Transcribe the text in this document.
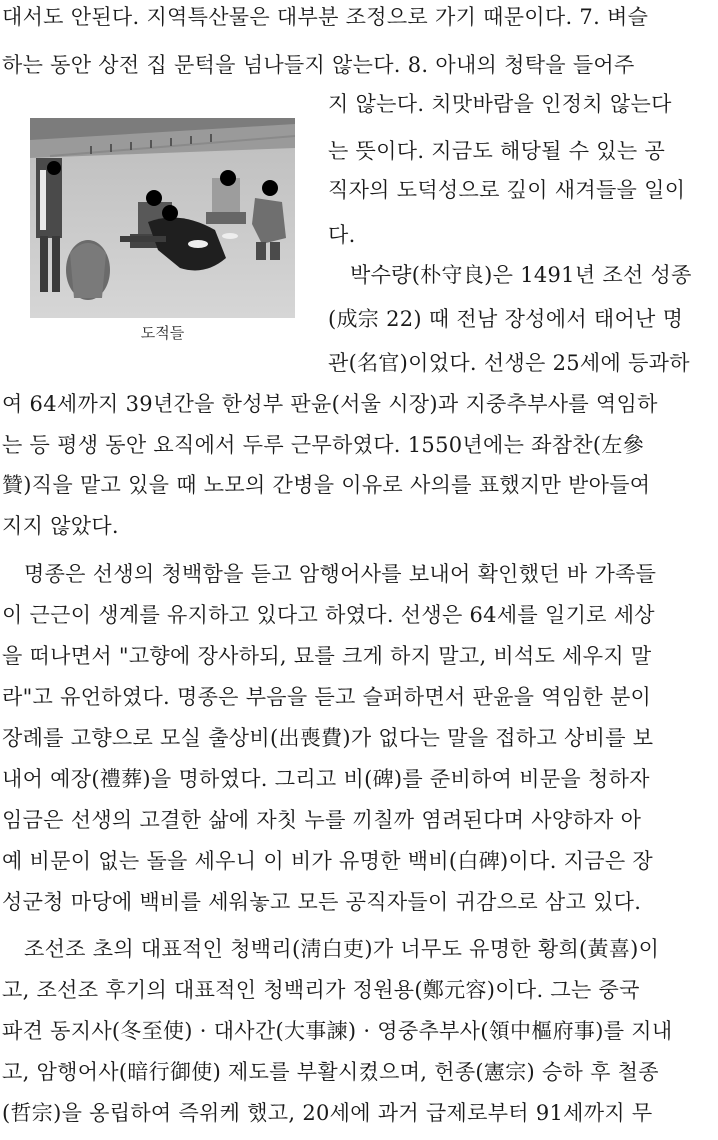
대서도 안된다. 지역특산물은 대부분 조정으로 가기 때문이다. 7. 벼슬
하는 동안 상전 집 문턱을 넘나들지 않는다. 8. 아내의 청탁을 들어주
도적들
지 않는다. 치맛바람을 인정치 않는다
는 뜻이다. 지금도 해당될 수 있는 공
직자의 도덕성으로 깊이 새겨들을 일이
다.
박수량(朴守良)은 1491년 조선 성종
(成宗 22) 때 전남 장성에서 태어난 명
관(名官)이었다. 선생은 25세에 등과하
여 64세까지 39년간을 한성부 판윤(서울 시장)과 지중추부사를 역임하
는 등 평생 동안 요직에서 두루 근무하였다. 1550년에는 좌참찬(左參
贊)직을 맡고 있을 때 노모의 간병을 이유로 사의를 표했지만 받아들여
지지 않았다.
명종은 선생의 청백함을 듣고 암행어사를 보내어 확인했던 바 가족들
이 근근이 생계를 유지하고 있다고 하였다. 선생은 64세를 일기로 세상
을 떠나면서 "고향에 장사하되, 묘를 크게 하지 말고, 비석도 세우지 말
라"고 유언하였다. 명종은 부음을 듣고 슬퍼하면서 판윤을 역임한 분이
장례를 고향으로 모실 출상비(出喪費)가 없다는 말을 접하고 상비를 보
내어 예장(禮葬)을 명하였다. 그리고 비(碑)를 준비하여 비문을 청하자
임금은 선생의 고결한 삶에 자칫 누를 끼칠까 염려된다며 사양하자 아
예 비문이 없는 돌을 세우니 이 비가 유명한 백비(白碑)이다. 지금은 장
성군청 마당에 백비를 세워놓고 모든 공직자들이 귀감으로 삼고 있다.
조선조 초의 대표적인 청백리(淸白吏)가 너무도 유명한 황희(黃喜)이
고, 조선조 후기의 대표적인 청백리가 정원용(鄭元容)이다. 그는 중국
파견 동지사(冬至使) · 대사간(大事諫) · 영중추부사(領中樞府事)를 지내
고, 암행어사(暗行御使) 제도를 부활시켰으며, 헌종(憲宗) 승하 후 철종
(哲宗)을 옹립하여 즉위케 했고, 20세에 과거 급제로부터 91세까지 무
